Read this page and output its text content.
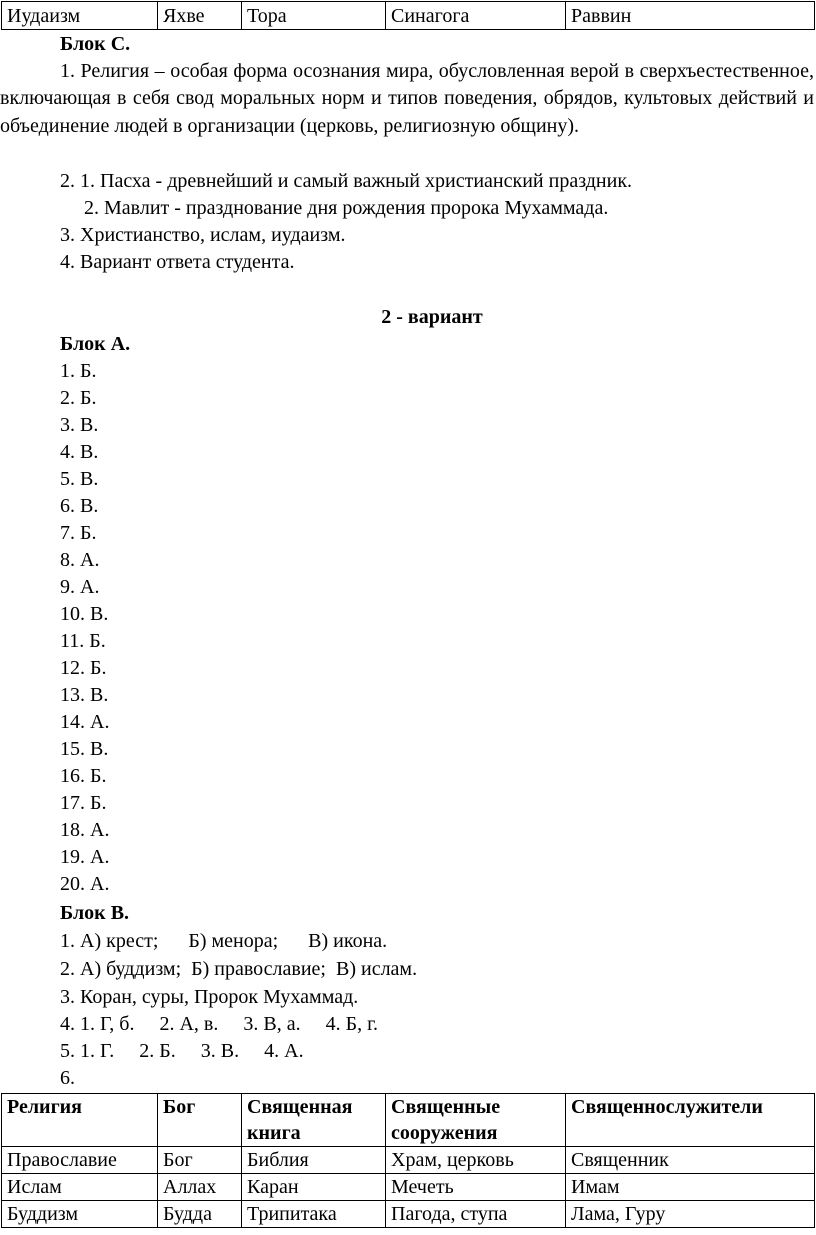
Иудаизм	Яхве	Тора	Синагога	Раввин
Блок С.
1. Религия – особая форма осознания мира, обусловленная верой в сверхъестественное, включающая в себя свод моральных норм и типов поведения, обрядов, культовых действий и объединение людей в организации (церковь, религиозную общину).
2. 1. Пасха - древнейший и самый важный христианский праздник.
2. Мавлит - празднование дня рождения пророка Мухаммада.
3. Христианство, ислам, иудаизм.
4. Вариант ответа студента.
2 - вариант
Блок А.
1. Б.
2. Б.
3. В.
4. В.
5. В.
6. В.
7. Б.
8. А.
9. А.
10. В.
11. Б.
12. Б.
13. В.
14. А.
15. В.
16. Б.
17. Б.
18. А.
19. А.
20. А.
Блок В.
1. А) крест;      Б) менора;      В) икона.
2. А) буддизм;  Б) православие;  В) ислам.
3. Коран, суры, Пророк Мухаммад.
4. 1. Г, б.     2. А, в.     3. В, а.     4. Б, г.
5. 1. Г.     2. Б.     3. В.     4. А.
6.
Религия	Бог	Священная книга	Священные сооружения	Священнослужители
Православие	Бог	Библия	Храм, церковь	Священник
Ислам	Аллах	Каран	Мечеть	Имам
Буддизм	Будда	Трипитака	Пагода, ступа	Лама, Гуру
